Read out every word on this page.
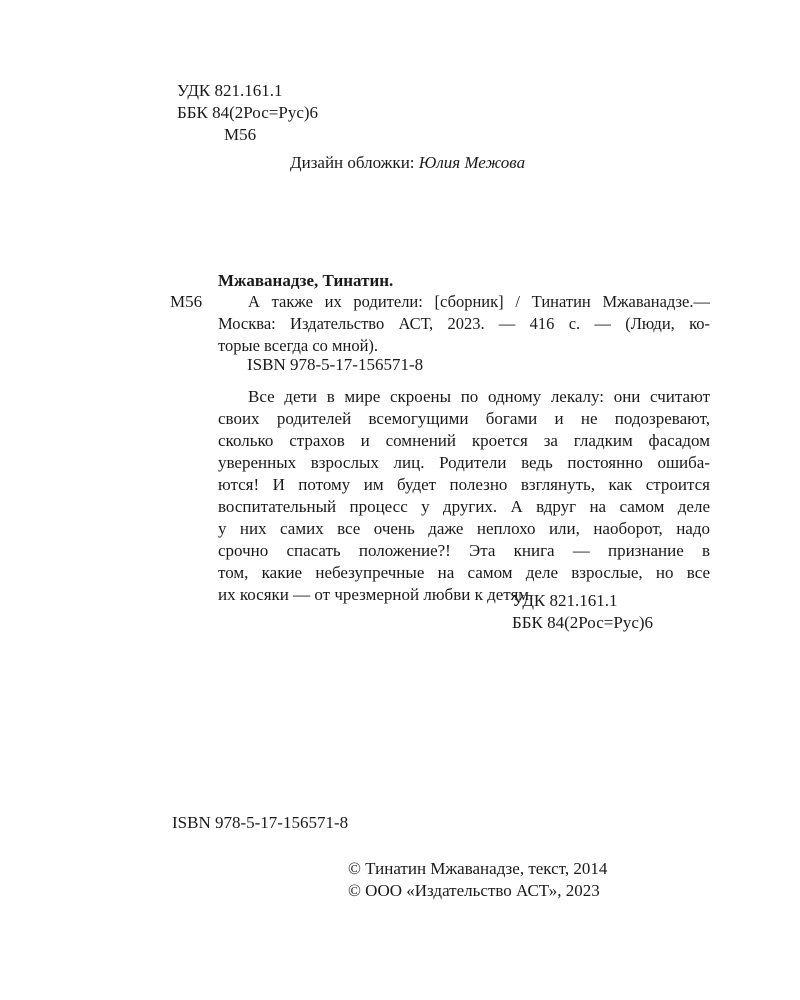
УДК 821.161.1
ББК 84(2Рос=Рус)6
М56
Дизайн обложки: Юлия Межова
Мжаванадзе, Тинатин.
М56	А также их родители: [сборник] / Тинатин Мжаванадзе.—
Москва: Издательство АСТ, 2023. — 416 с. — (Люди, ко-
торые всегда со мной).
ISBN 978-5-17-156571-8
Все дети в мире скроены по одному лекалу: они считают
своих родителей всемогущими богами и не подозревают,
сколько страхов и сомнений кроется за гладким фасадом
уверенных взрослых лиц. Родители ведь постоянно ошиба-
ются! И потому им будет полезно взглянуть, как строится
воспитательный процесс у других. А вдруг на самом деле
у них самих все очень даже неплохо или, наоборот, надо
срочно спасать положение?! Эта книга — признание в
том, какие небезупречные на самом деле взрослые, но все
их косяки — от чрезмерной любви к детям.
УДК 821.161.1
ББК 84(2Рос=Рус)6
ISBN 978-5-17-156571-8
© Тинатин Мжаванадзе, текст, 2014
© ООО «Издательство АСТ», 2023
